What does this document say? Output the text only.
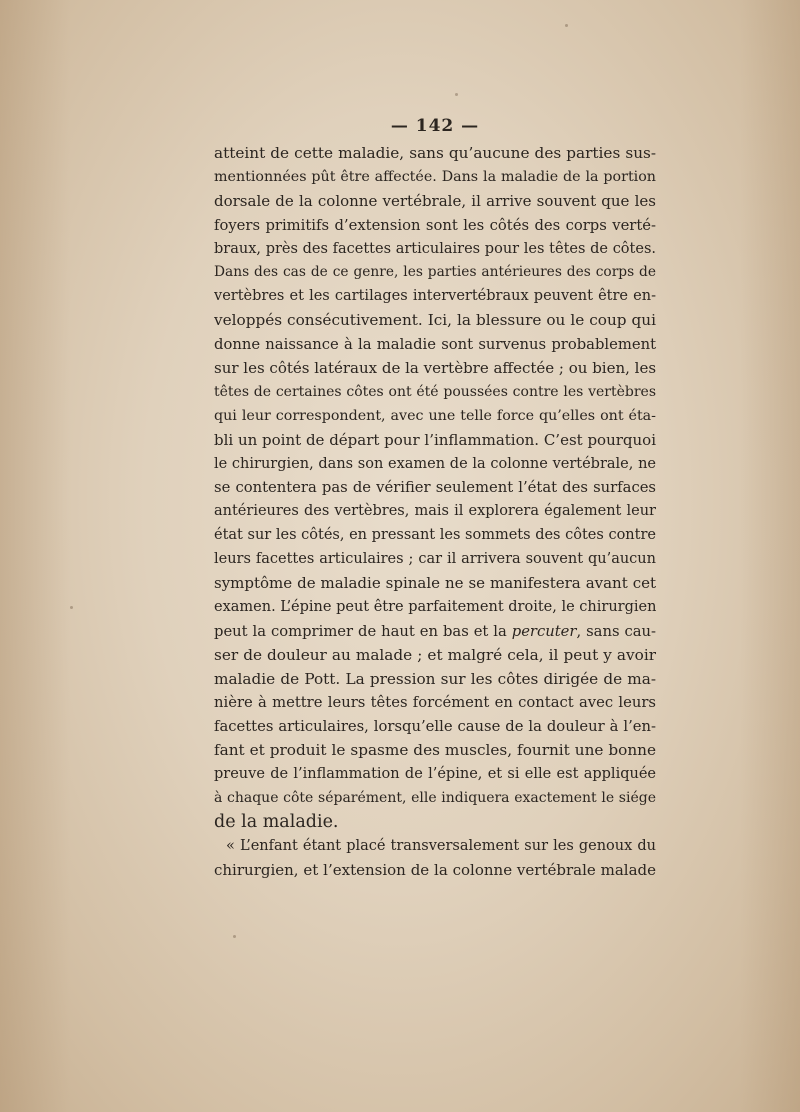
— 142 —
atteint de cette maladie, sans qu’aucune des parties sus-
mentionnées pût être affectée. Dans la maladie de la portion
dorsale de la colonne vertébrale, il arrive souvent que les
foyers primitifs d’extension sont les côtés des corps verté-
braux, près des facettes articulaires pour les têtes de côtes.
Dans des cas de ce genre, les parties antérieures des corps de
vertèbres et les cartilages intervertébraux peuvent être en-
veloppés consécutivement. Ici, la blessure ou le coup qui
donne naissance à la maladie sont survenus probablement
sur les côtés latéraux de la vertèbre affectée ; ou bien, les
têtes de certaines côtes ont été poussées contre les vertèbres
qui leur correspondent, avec une telle force qu’elles ont éta-
bli un point de départ pour l’inflammation. C’est pourquoi
le chirurgien, dans son examen de la colonne vertébrale, ne
se contentera pas de vérifier seulement l’état des surfaces
antérieures des vertèbres, mais il explorera également leur
état sur les côtés, en pressant les sommets des côtes contre
leurs facettes articulaires ; car il arrivera souvent qu’aucun
symptôme de maladie spinale ne se manifestera avant cet
examen. L’épine peut être parfaitement droite, le chirurgien
peut la comprimer de haut en bas et la percuter, sans cau-
ser de douleur au malade ; et malgré cela, il peut y avoir
maladie de Pott. La pression sur les côtes dirigée de ma-
nière à mettre leurs têtes forcément en contact avec leurs
facettes articulaires, lorsqu’elle cause de la douleur à l’en-
fant et produit le spasme des muscles, fournit une bonne
preuve de l’inflammation de l’épine, et si elle est appliquée
à chaque côte séparément, elle indiquera exactement le siége
de la maladie.
« L’enfant étant placé transversalement sur les genoux du
chirurgien, et l’extension de la colonne vertébrale malade
